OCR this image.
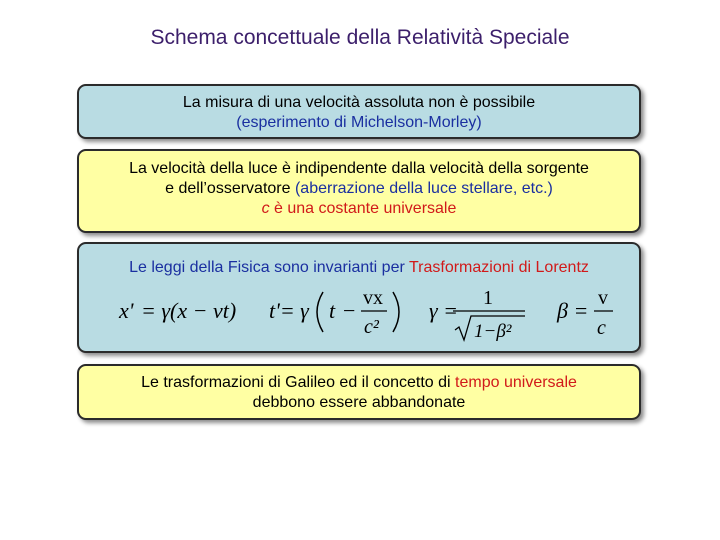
Schema concettuale della Relatività Speciale
La misura di una velocità assoluta non è possibile
(esperimento di Michelson-Morley)
La velocità della luce è indipendente dalla velocità della sorgente
e dell’osservatore (aberrazione della luce stellare, etc.)
c è una costante universale
Le leggi della Fisica sono invarianti per Trasformazioni di Lorentz
x' = γ(x − vt) t'= γ t − vx
c²
γ = 1
1−β²
β = v
c
Le trasformazioni di Galileo ed il concetto di tempo universale
debbono essere abbandonate
